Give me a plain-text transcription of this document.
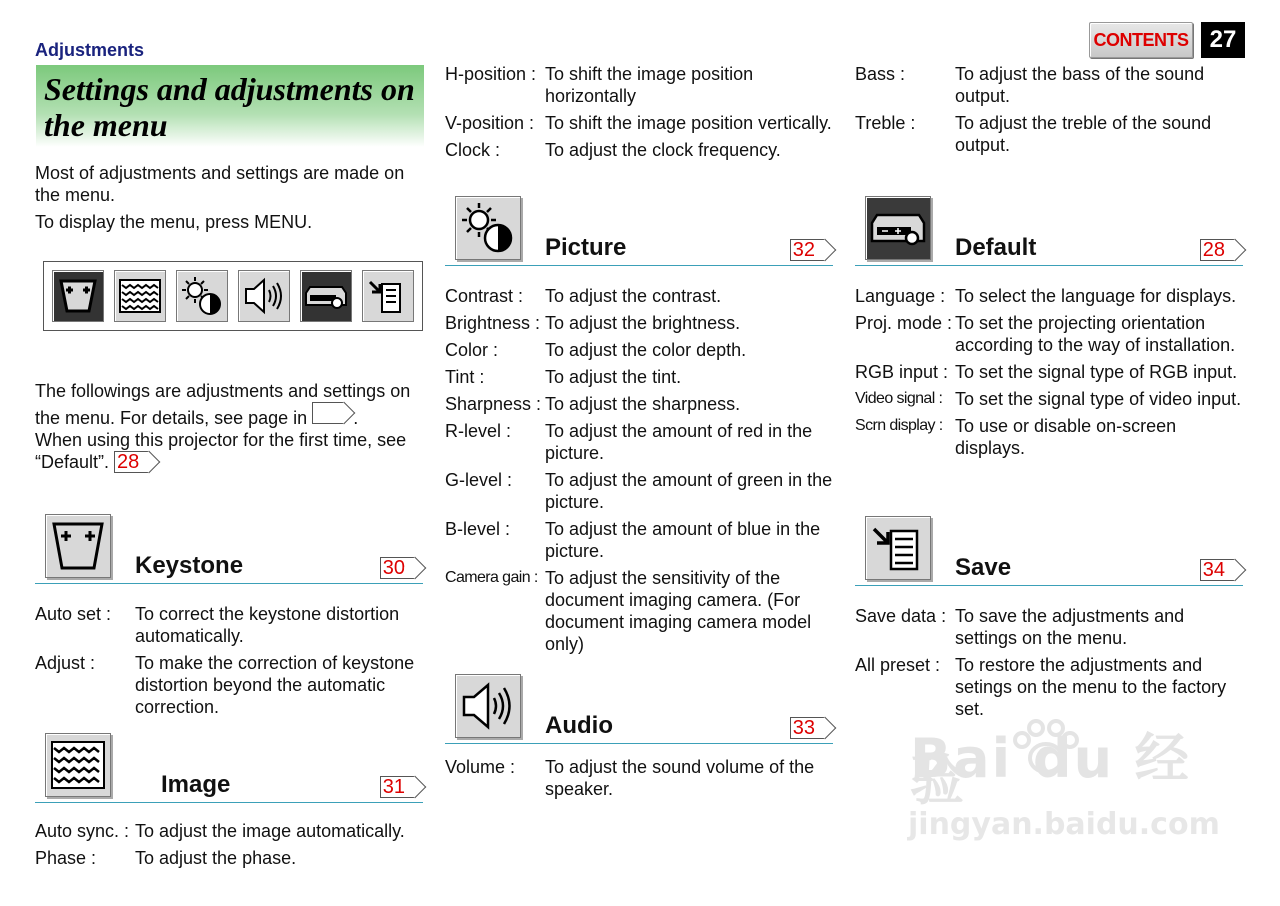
Adjustments	CONTENTS 27
Settings and adjustments on the menu
Most of adjustments and settings are made on the menu.
To display the menu, press MENU.
The followings are adjustments and settings on the menu. For details, see page in	.
When using this projector for the first time, see “Default”. 28
Keystone	30
Auto set :	To correct the keystone distortion automatically.
Adjust :	To make the correction of keystone distortion beyond the automatic correction.
Image	31
Auto sync. : To adjust the image automatically.
Phase :	To adjust the phase.
H-position : To shift the image position horizontally
V-position : To shift the image position vertically.
Clock :	To adjust the clock frequency.
Picture	32
Contrast :	To adjust the contrast.
Brightness : To adjust the brightness.
Color :	To adjust the color depth.
Tint :	To adjust the tint.
Sharpness : To adjust the sharpness.
R-level :	To adjust the amount of red in the picture.
G-level :	To adjust the amount of green in the picture.
B-level :	To adjust the amount of blue in the picture.
Camera gain : To adjust the sensitivity of the document imaging camera. (For document imaging camera model only)
Audio	33
Volume :	To adjust the sound volume of the speaker.
Bass :	To adjust the bass of the sound output.
Treble :	To adjust the treble of the sound output.
Default	28
Language : To select the language for displays.
Proj. mode : To set the projecting orientation according to the way of installation.
RGB input : To set the signal type of RGB input.
Video signal : To set the signal type of video input.
Scrn display : To use or disable on-screen displays.
Save	34
Save data : To save the adjustments and settings on the menu.
All preset : To restore the adjustments and setings on the menu to the factory set.
Bai du 经验
jingyan.baidu.com
